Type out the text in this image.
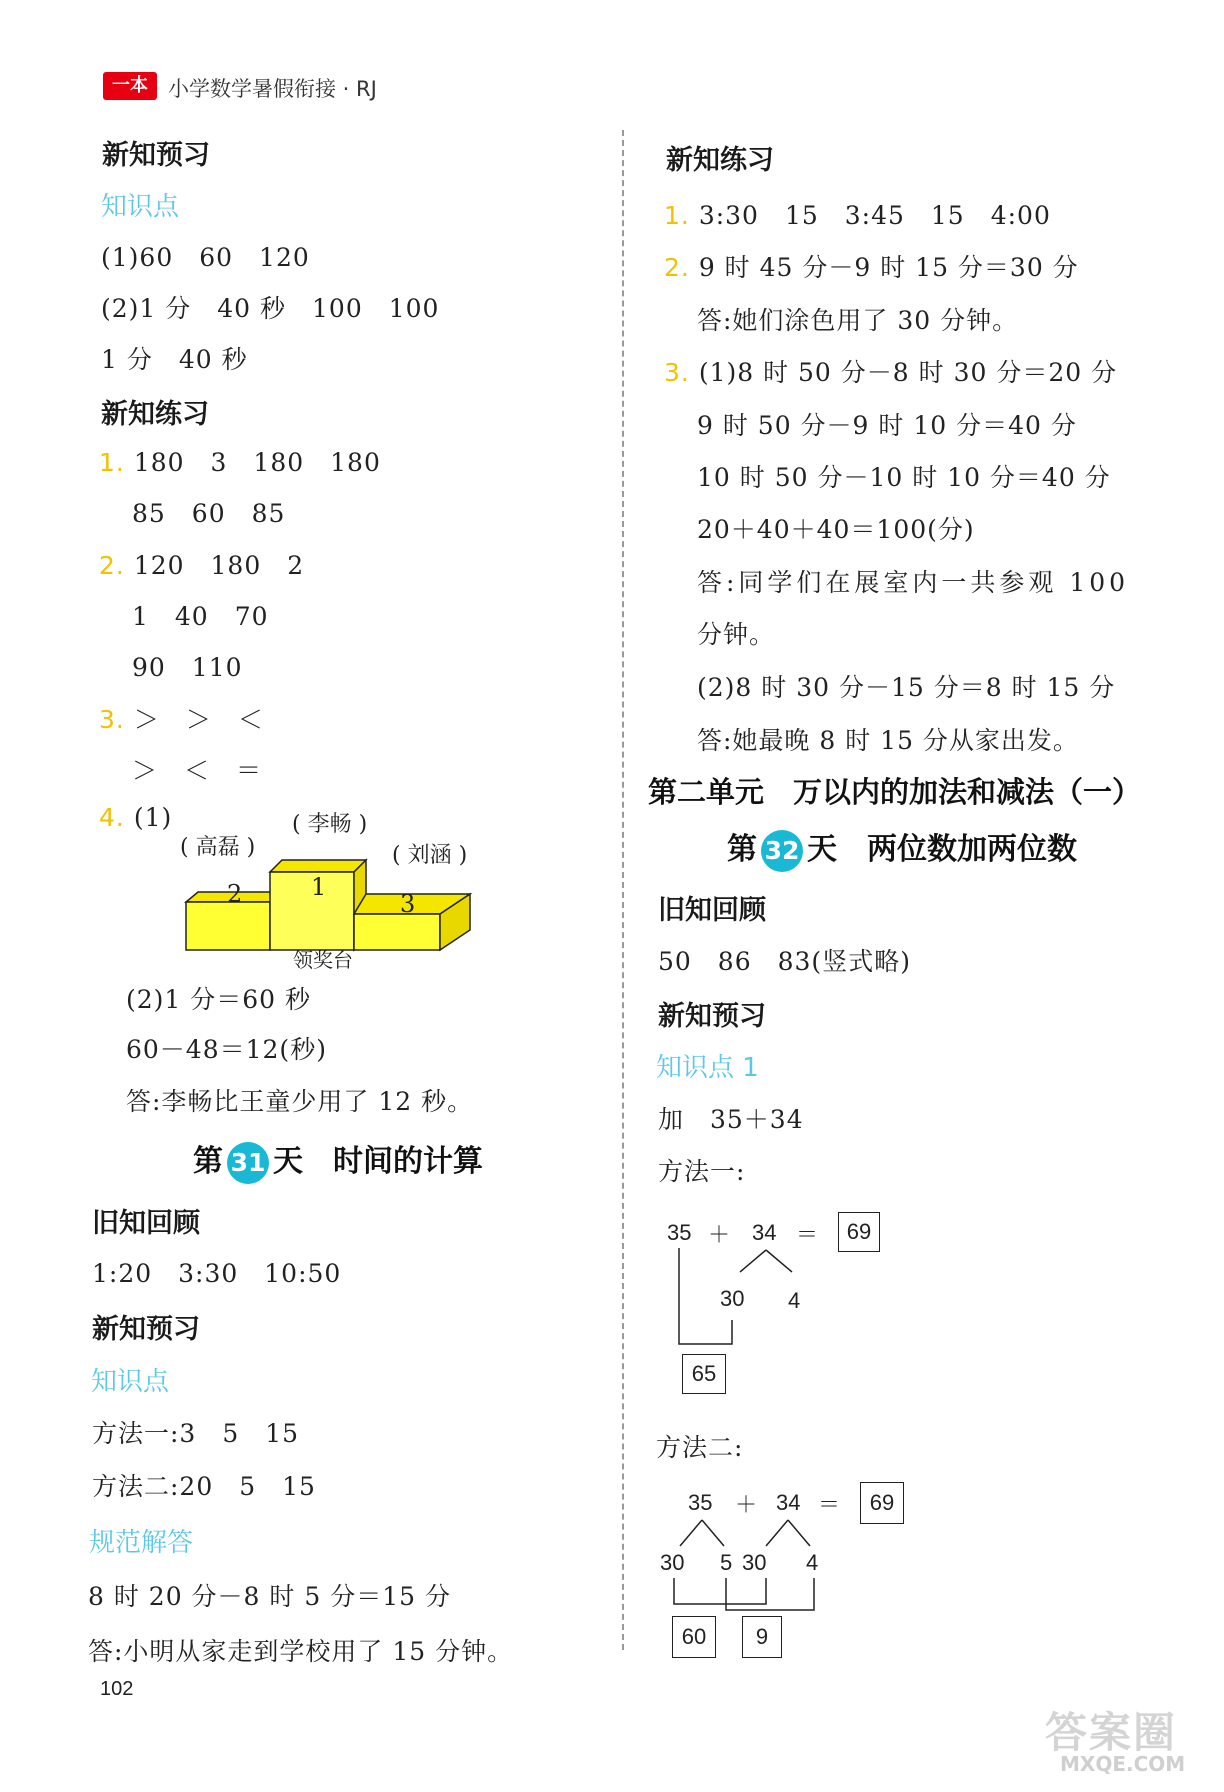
一本 小学数学暑假衔接 · RJ
新知预习
知识点
(1)60　60　120
(2)1 分　40 秒　100　100
1 分　40 秒
新知练习
1. 180　3　180　180
85　60　85
2. 120　180　2
1　40　70
90　110
3. ＞　＞　＜
＞　＜　＝
4. (1)
( 高磊 )
( 李畅 )
( 刘涵 )
2	1
3
领奖台
(2)1 分＝60 秒
60－48＝12(秒)
答:李畅比王童少用了 12 秒。
第 31 天　时间的计算
旧知回顾
1:20　3:30　10:50
新知预习
知识点
方法一:3　5　15
方法二:20　5　15
规范解答
8 时 20 分－8 时 5 分＝15 分
答:小明从家走到学校用了 15 分钟。
102
新知练习
1. 3:30　15　3:45　15　4:00
2. 9 时 45 分－9 时 15 分＝30 分
答:她们涂色用了 30 分钟。
3. (1)8 时 50 分－8 时 30 分＝20 分
9 时 50 分－9 时 10 分＝40 分
10 时 50 分－10 时 10 分＝40 分
20＋40＋40＝100(分)
答:同学们在展室内一共参观 100
分钟。
(2)8 时 30 分－15 分＝8 时 15 分
答:她最晚 8 时 15 分从家出发。
第二单元　万以内的加法和减法（一）
第 32 天　两位数加两位数
旧知回顾
50　86　83(竖式略)
新知预习
知识点 1
加　35＋34
方法一:
35 ＋ 34 ＝	69
30 4
65
方法二:
35 ＋ 34 ＝	69
30 5 30 4
60	9
答案圈
MXQE.COM
